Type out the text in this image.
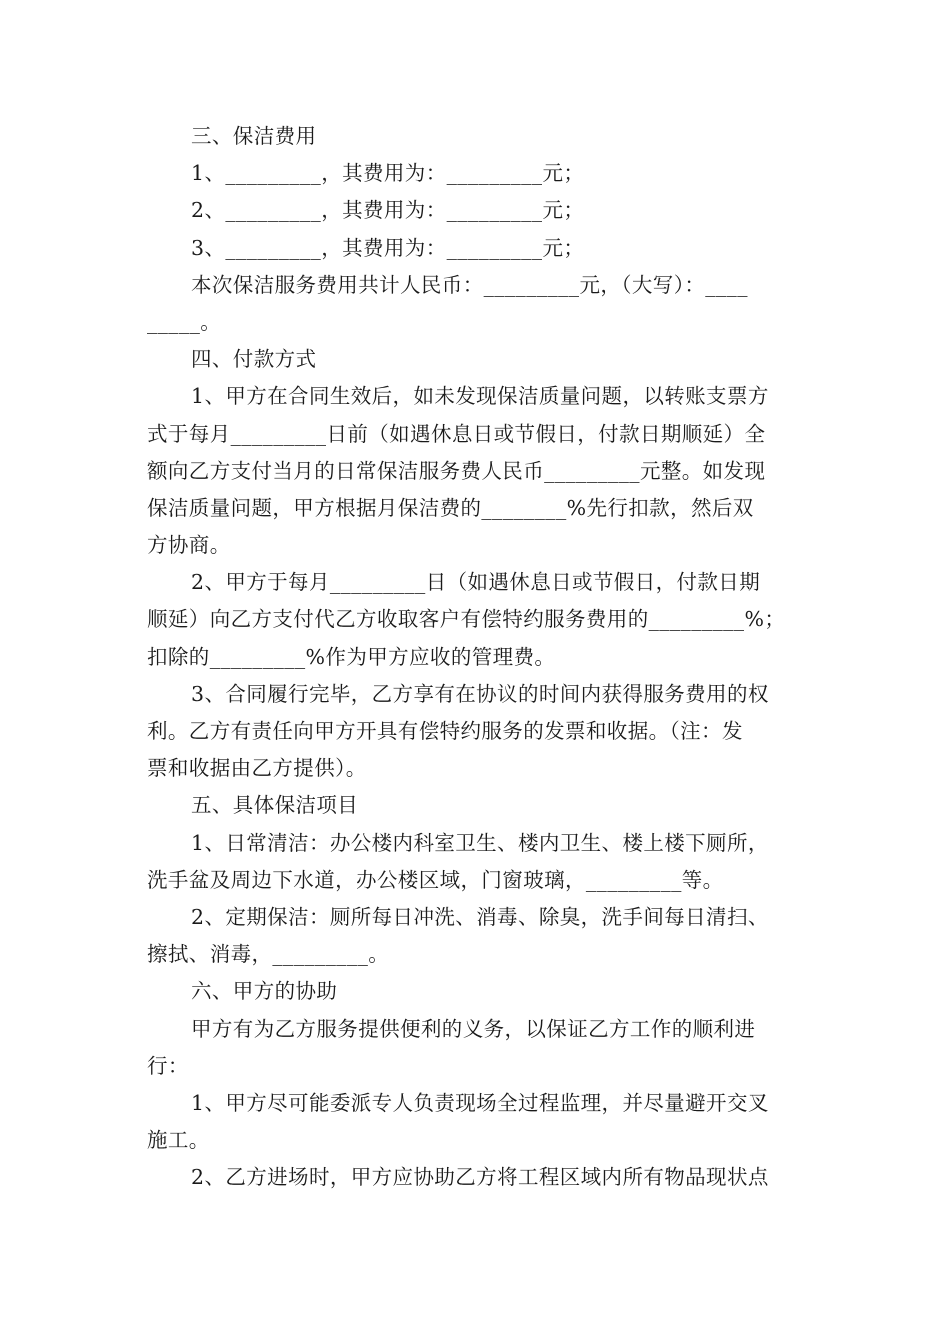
三、保洁费用
1、_________，其费用为：_________元；
2、_________，其费用为：_________元；
3、_________，其费用为：_________元；
本次保洁服务费用共计人民币：_________元，（大写）：____
_____。
四、付款方式
1、甲方在合同生效后，如未发现保洁质量问题，以转账支票方
式于每月_________日前（如遇休息日或节假日，付款日期顺延）全
额向乙方支付当月的日常保洁服务费人民币_________元整。如发现
保洁质量问题，甲方根据月保洁费的________%先行扣款，然后双
方协商。
2、甲方于每月_________日（如遇休息日或节假日，付款日期
顺延）向乙方支付代乙方收取客户有偿特约服务费用的_________%；
扣除的_________%作为甲方应收的管理费。
3、合同履行完毕，乙方享有在协议的时间内获得服务费用的权
利。乙方有责任向甲方开具有偿特约服务的发票和收据。（注：发
票和收据由乙方提供）。
五、具体保洁项目
1、日常清洁：办公楼内科室卫生、楼内卫生、楼上楼下厕所，
洗手盆及周边下水道，办公楼区域，门窗玻璃，_________等。
2、定期保洁：厕所每日冲洗、消毒、除臭，洗手间每日清扫、
擦拭、消毒，_________。
六、甲方的协助
甲方有为乙方服务提供便利的义务，以保证乙方工作的顺利进
行：
1、甲方尽可能委派专人负责现场全过程监理，并尽量避开交叉
施工。
2、乙方进场时，甲方应协助乙方将工程区域内所有物品现状点
